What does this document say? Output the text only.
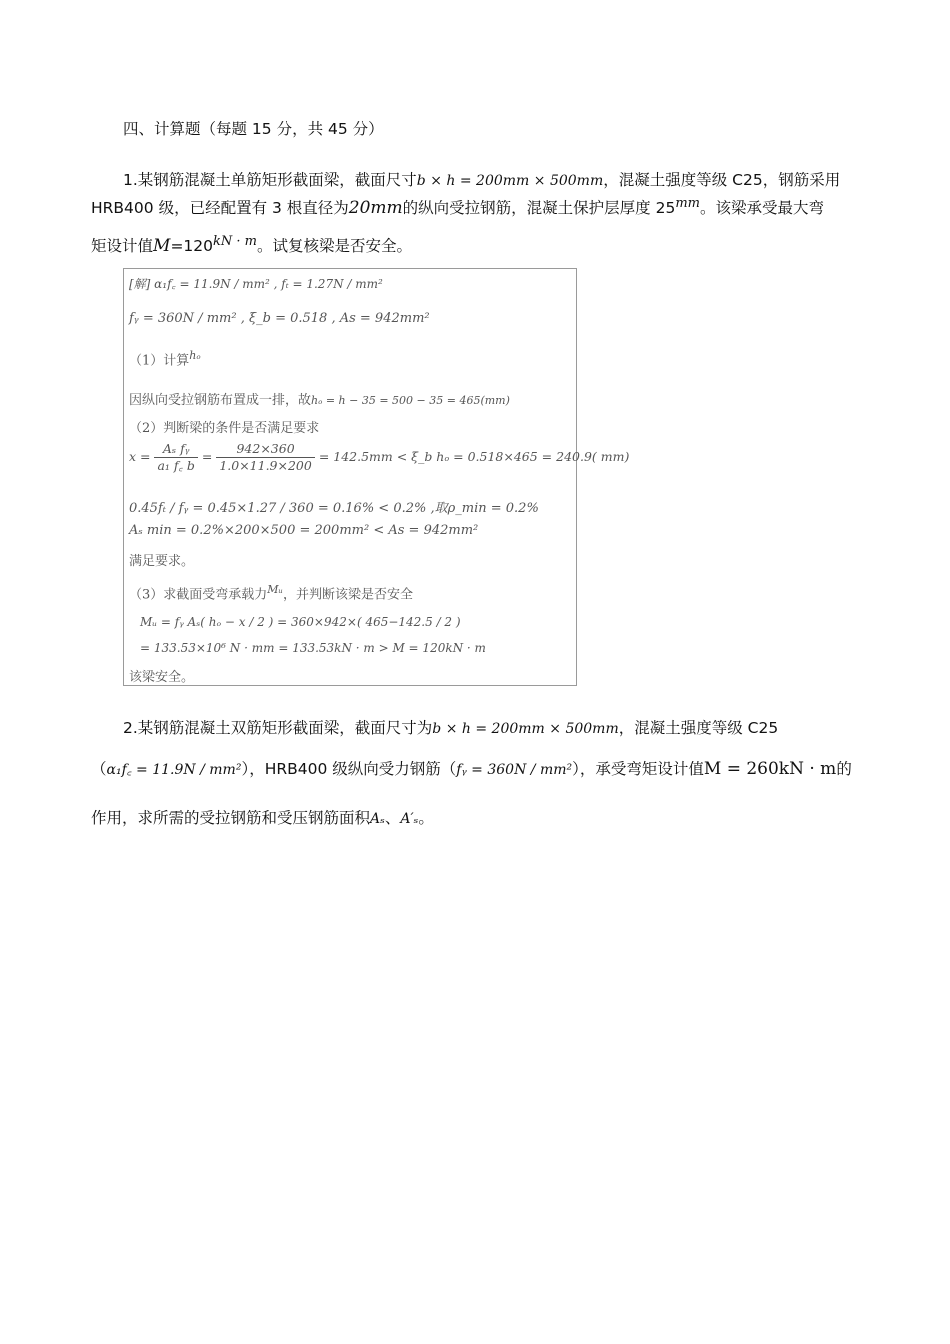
四、计算题（每题 15 分，共 45 分）
1.某钢筋混凝土单筋矩形截面梁，截面尺寸b × h = 200mm × 500mm，混凝土强度等级 C25，钢筋采用
HRB400 级，已经配置有 3 根直径为20mm的纵向受拉钢筋，混凝土保护层厚度 $25^{mm}$。该梁承受最大弯
矩设计值$M=120^{kN \cdot m}$。试复核梁是否安全。
[解] α₁f꜀ = 11.9N / mm² , fₜ = 1.27N / mm²
fᵧ = 360N / mm² , ξ_b = 0.518 , As = 942mm²
（1）计算$^{h_o}$
因纵向受拉钢筋布置成一排，故hₒ = h − 35 = 500 − 35 = 465(mm)
（2）判断梁的条件是否满足要求
$x = \frac{\text{Aₛ fᵧ}}{\text{a₁ f꜀ b}} = \frac{942\times 360}{1.0\times 11.9\times 200} = 142.5mm$ < ξ_b hₒ = 0.518×465 = 240.9( mm)
0.45fₜ / fᵧ = 0.45×1.27 / 360 = 0.16% < 0.2% ,取ρ_min = 0.2%
Aₛ min = 0.2%×200×500 = 200mm² < As = 942mm²
满足要求。
（3）求截面受弯承载力$^{Mᵤ}$，并判断该梁是否安全
Mᵤ = fᵧ Aₛ( hₒ − x / 2 ) = 360×942×( 465−142.5 / 2 )
= 133.53×10⁶ N · mm = 133.53kN · m > M = 120kN · m
该梁安全。
2.某钢筋混凝土双筋矩形截面梁，截面尺寸为b × h = 200mm × 500mm，混凝土强度等级 C25
（α₁f꜀ = 11.9N / mm²），HRB400 级纵向受力钢筋（fᵧ = 360N / mm²），承受弯矩设计值M = 260kN · m的
作用，求所需的受拉钢筋和受压钢筋面积Aₛ、A′ₛ。
